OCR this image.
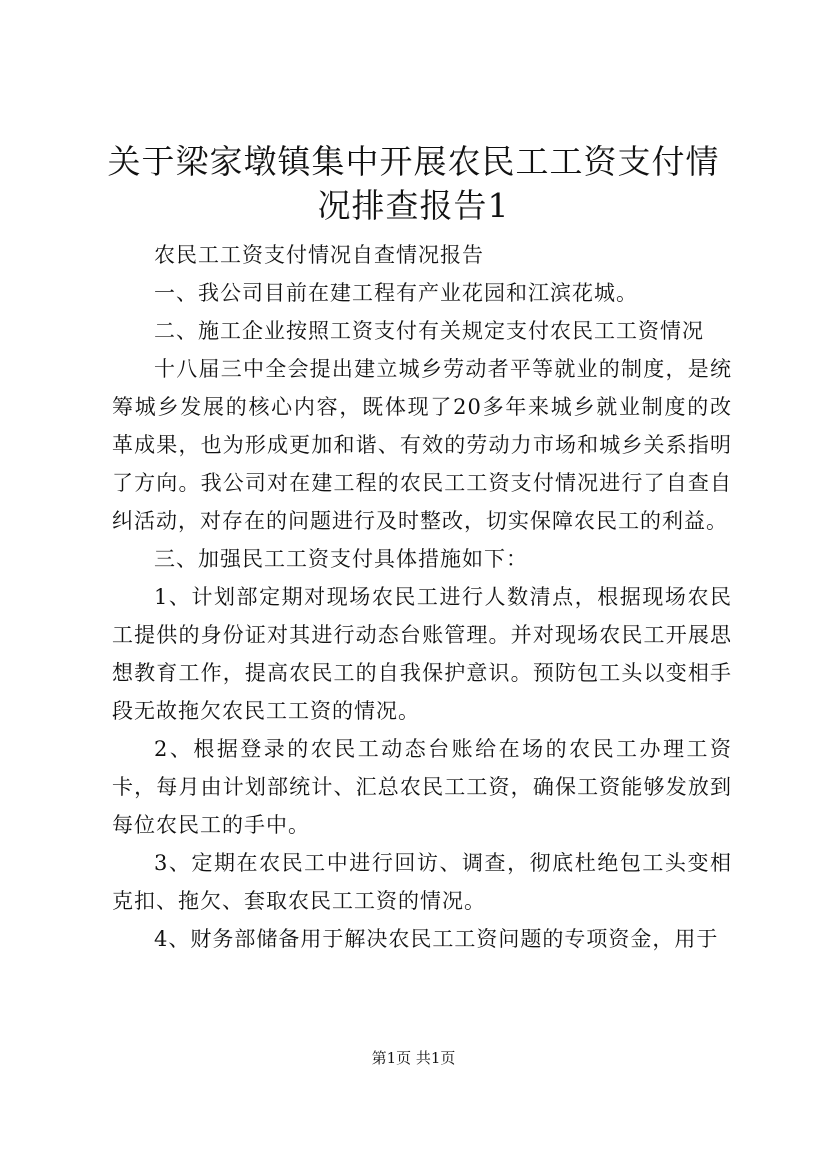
关于梁家墩镇集中开展农民工工资支付情况排查报告1

农民工工资支付情况自查情况报告

一、我公司目前在建工程有产业花园和江滨花城。

二、施工企业按照工资支付有关规定支付农民工工资情况

十八届三中全会提出建立城乡劳动者平等就业的制度，是统筹城乡发展的核心内容，既体现了20多年来城乡就业制度的改革成果，也为形成更加和谐、有效的劳动力市场和城乡关系指明了方向。我公司对在建工程的农民工工资支付情况进行了自查自纠活动，对存在的问题进行及时整改，切实保障农民工的利益。

三、加强民工工资支付具体措施如下：

1、计划部定期对现场农民工进行人数清点，根据现场农民工提供的身份证对其进行动态台账管理。并对现场农民工开展思想教育工作，提高农民工的自我保护意识。预防包工头以变相手段无故拖欠农民工工资的情况。

2、根据登录的农民工动态台账给在场的农民工办理工资卡，每月由计划部统计、汇总农民工工资，确保工资能够发放到每位农民工的手中。

3、定期在农民工中进行回访、调查，彻底杜绝包工头变相克扣、拖欠、套取农民工工资的情况。

4、财务部储备用于解决农民工工资问题的专项资金，用于

第1页 共1页
